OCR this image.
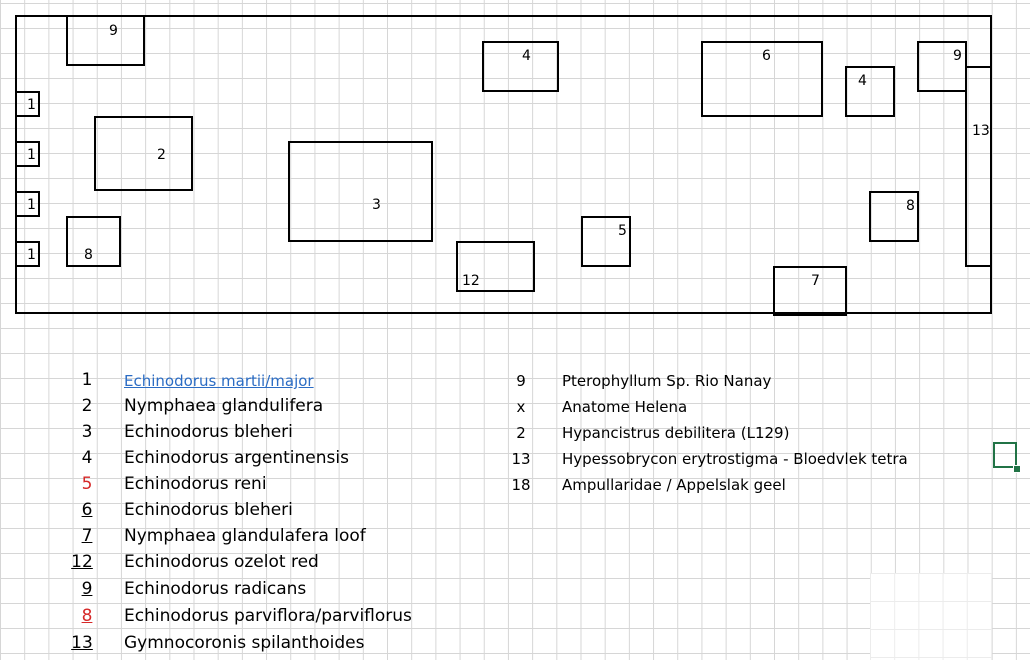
9
1
1
1
1
2
8
3
4
12
5
6
4
9
13
8
7
1	Echinodorus martii/major
2	Nymphaea glandulifera
3	Echinodorus bleheri
4	Echinodorus argentinensis
5	Echinodorus reni
6	Echinodorus bleheri
7	Nymphaea glandulafera loof
12 Echinodorus ozelot red
9	Echinodorus radicans
8	Echinodorus parviflora/parviflorus
13 Gymnocoronis spilanthoides
9	Pterophyllum Sp. Rio Nanay
x	Anatome Helena
2	Hypancistrus debilitera (L129)
13	Hypessobrycon erytrostigma - Bloedvlek tetra
18	Ampullaridae / Appelslak geel
